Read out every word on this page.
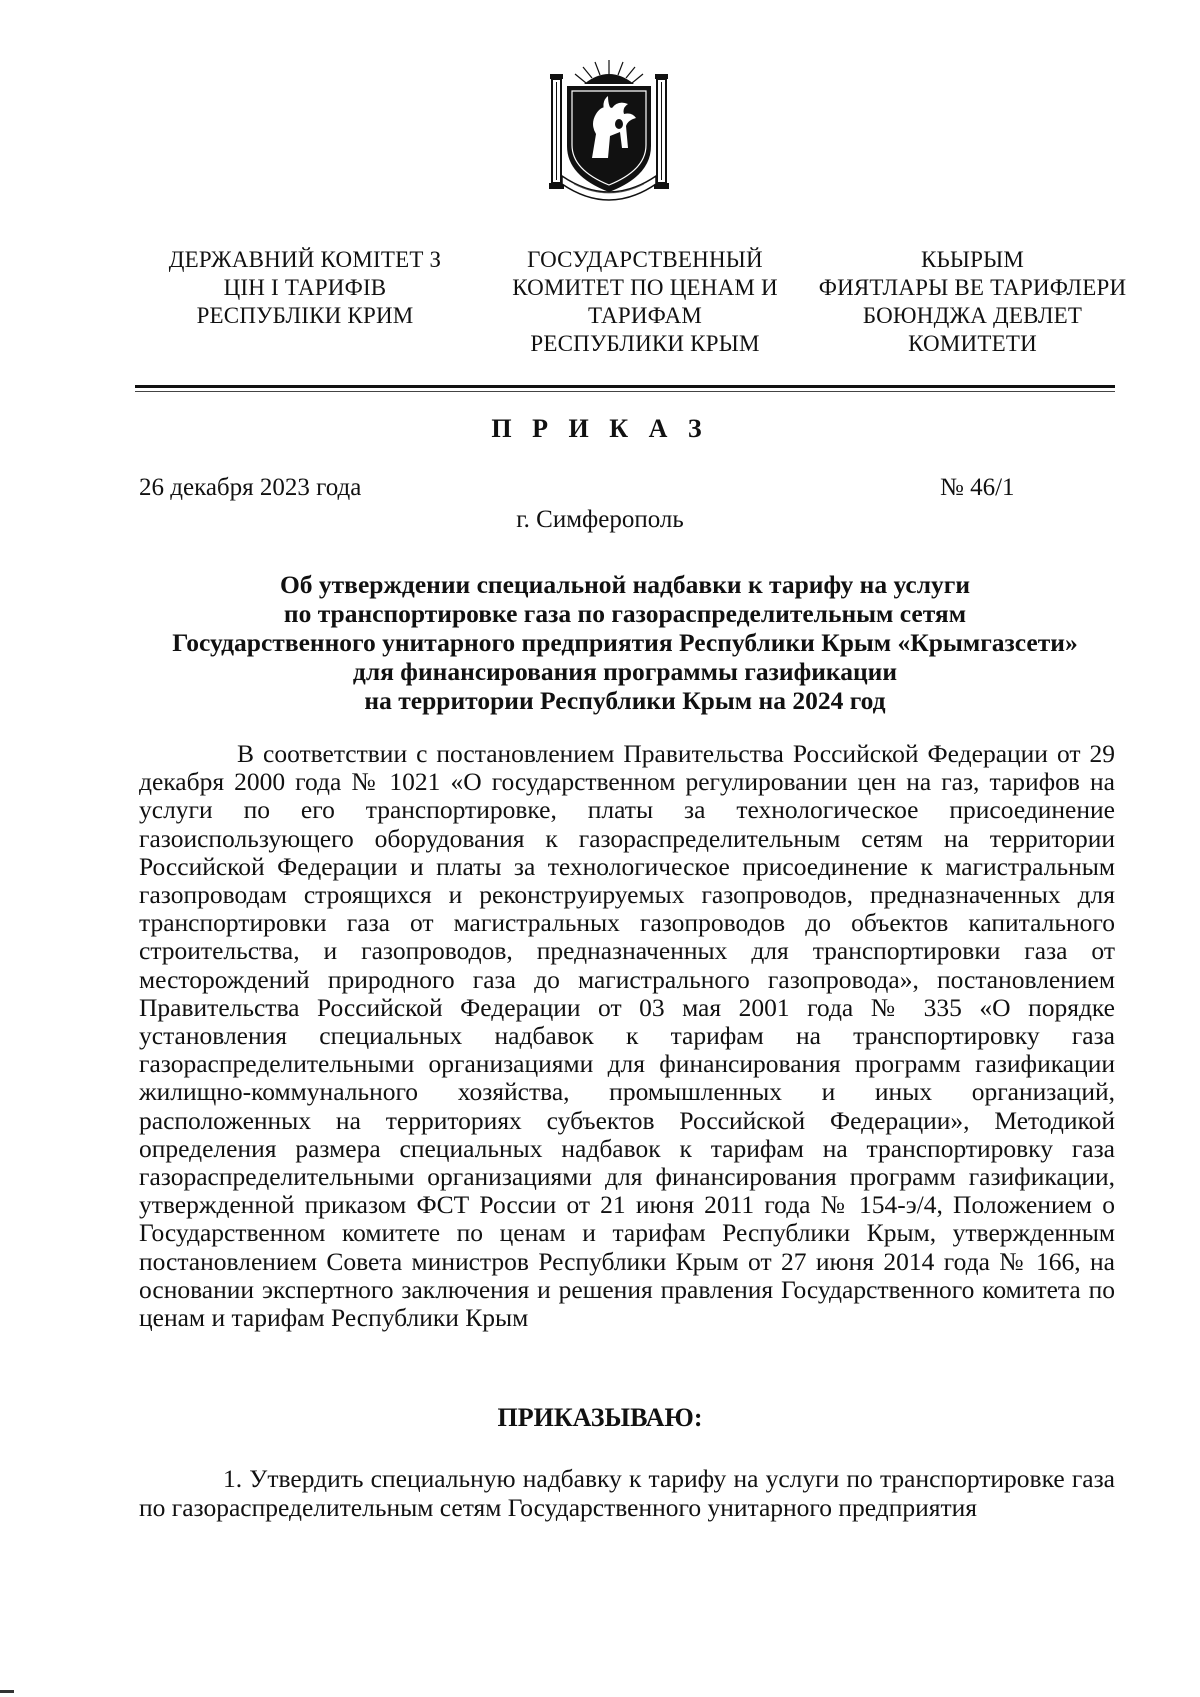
ДЕРЖАВНИЙ КОМІТЕТ З
ЦІН І ТАРИФІВ
РЕСПУБЛІКИ КРИМ
ГОСУДАРСТВЕННЫЙ
КОМИТЕТ ПО ЦЕНАМ И
ТАРИФАМ
РЕСПУБЛИКИ КРЫМ
КЬЫРЫМ
ФИЯТЛАРЫ ВЕ ТАРИФЛЕРИ
БОЮНДЖА ДЕВЛЕТ
КОМИТЕТИ
П Р И К А З
26 декабря 2023 года	№ 46/1
г. Симферополь
Об утверждении специальной надбавки к тарифу на услуги
по транспортировке газа по газораспределительным сетям
Государственного унитарного предприятия Республики Крым «Крымгазсети»
для финансирования программы газификации
на территории Республики Крым на 2024 год
В соответствии с постановлением Правительства Российской Федерации от 29 декабря 2000 года № 1021 «О государственном регулировании цен на газ, тарифов на услуги по его транспортировке, платы за технологическое присоединение газоиспользующего оборудования к газораспределительным сетям на территории Российской Федерации и платы за технологическое присоединение к магистральным газопроводам строящихся и реконструируемых газопроводов, предназначенных для транспортировки газа от магистральных газопроводов до объектов капитального строительства, и газопроводов, предназначенных для транспортировки газа от месторождений природного газа до магистрального газопровода», постановлением Правительства Российской Федерации от 03 мая 2001 года № 335 «О порядке установления специальных надбавок к тарифам на транспортировку газа газораспределительными организациями для финансирования программ газификации жилищно-коммунального хозяйства, промышленных и иных организаций, расположенных на территориях субъектов Российской Федерации», Методикой определения размера специальных надбавок к тарифам на транспортировку газа газораспределительными организациями для финансирования программ газификации, утвержденной приказом ФСТ России от 21 июня 2011 года № 154-э/4, Положением о Государственном комитете по ценам и тарифам Республики Крым, утвержденным постановлением Совета министров Республики Крым от 27 июня 2014 года № 166, на основании экспертного заключения и решения правления Государственного комитета по ценам и тарифам Республики Крым
ПРИКАЗЫВАЮ:
1. Утвердить специальную надбавку к тарифу на услуги по транспортировке газа по газораспределительным сетям Государственного унитарного предприятия
